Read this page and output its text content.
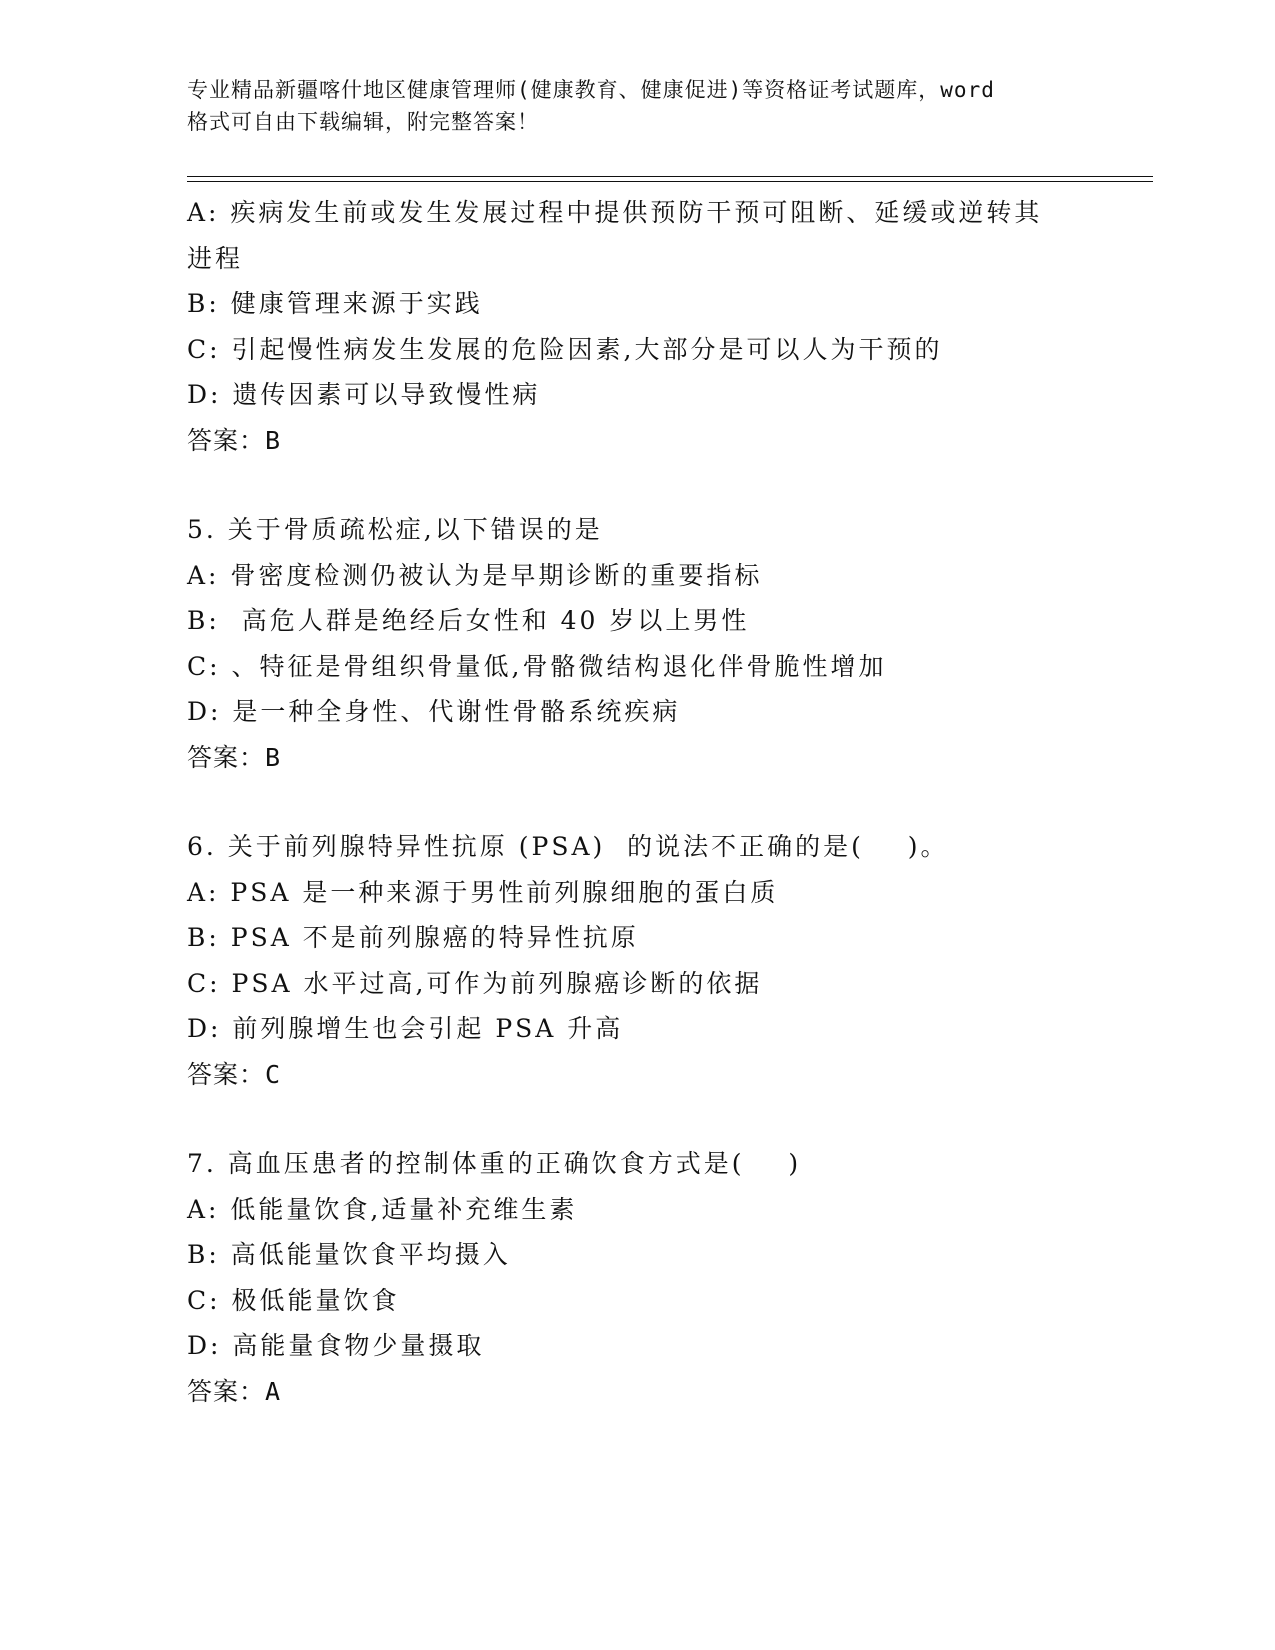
专业精品新疆喀什地区健康管理师(健康教育、健康促进)等资格证考试题库，word
格式可自由下载编辑，附完整答案！
A: 疾病发生前或发生发展过程中提供预防干预可阻断、延缓或逆转其
进程
B: 健康管理来源于实践
C: 引起慢性病发生发展的危险因素,大部分是可以人为干预的
D: 遗传因素可以导致慢性病
答案：B
5. 关于骨质疏松症,以下错误的是
A: 骨密度检测仍被认为是早期诊断的重要指标
B:  高危人群是绝经后女性和 40 岁以上男性
C: 、特征是骨组织骨量低,骨骼微结构退化伴骨脆性增加
D: 是一种全身性、代谢性骨骼系统疾病
答案：B
6. 关于前列腺特异性抗原 (PSA)  的说法不正确的是(    )。
A: PSA 是一种来源于男性前列腺细胞的蛋白质
B: PSA 不是前列腺癌的特异性抗原
C: PSA 水平过高,可作为前列腺癌诊断的依据
D: 前列腺增生也会引起 PSA 升高
答案：C
7. 高血压患者的控制体重的正确饮食方式是(    )
A: 低能量饮食,适量补充维生素
B: 高低能量饮食平均摄入
C: 极低能量饮食
D: 高能量食物少量摄取
答案：A
